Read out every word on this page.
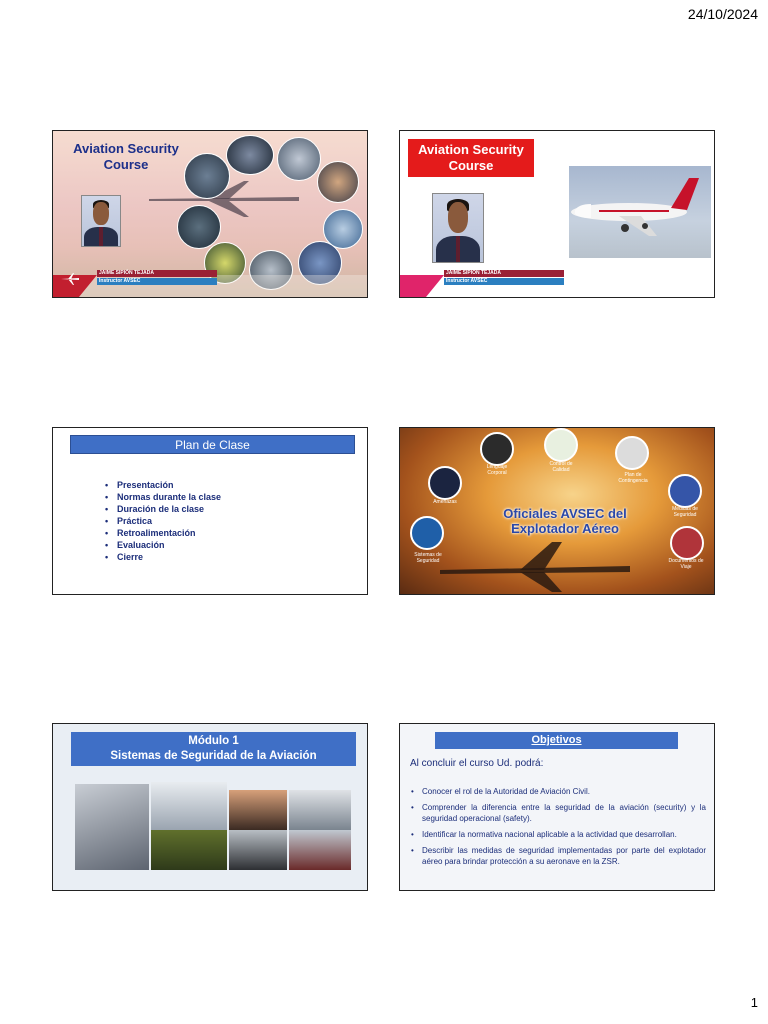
24/10/2024
Aviation Security Course
JAIME SIPIÓN TEJADA
Instructor AVSEC
Aviation Security Course
JAIME SIPIÓN TEJADA
Instructor AVSEC
Plan de Clase
• Presentación
• Normas durante la clase
• Duración de la clase
• Práctica
• Retroalimentación
• Evaluación
• Cierre
Oficiales AVSEC del Explotador Aéreo
Lenguaje Corporal
Control de Calidad
Plan de Contingencia
Amenazas
Medidas de Seguridad
Sistemas de Seguridad	Documentos de Viaje
Módulo 1
Sistemas de Seguridad de la Aviación
Objetivos
Al concluir el curso Ud. podrá:
• Conocer el rol de la Autoridad de Aviación Civil.
• Comprender la diferencia entre la seguridad de la aviación (security) y la seguridad operacional (safety).
• Identificar la normativa nacional aplicable a la actividad que desarrollan.
• Describir las medidas de seguridad implementadas por parte del explotador aéreo para brindar protección a su aeronave en la ZSR.
1
